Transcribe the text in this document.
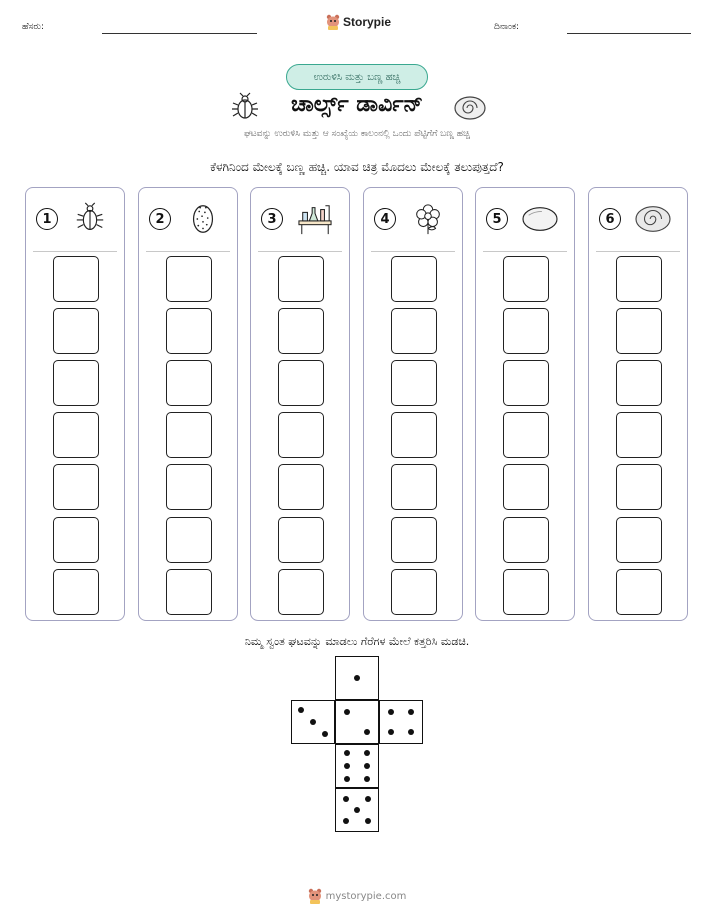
ಹೆಸರು:	Storypie	ದಿನಾಂಕ:
ಉರುಳಿಸಿ ಮತ್ತು ಬಣ್ಣ ಹಚ್ಚಿ
ಚಾರ್ಲ್ಸ್ ಡಾರ್ವಿನ್
ಘಟವನ್ನು ಉರುಳಿಸಿ ಮತ್ತು ಆ ಸಂಖ್ಯೆಯ ಕಾಲಂನಲ್ಲಿ ಒಂದು ಪೆಟ್ಟಿಗೆಗೆ ಬಣ್ಣ ಹಚ್ಚಿ
ಕೆಳಗಿನಿಂದ ಮೇಲಕ್ಕೆ ಬಣ್ಣ ಹಚ್ಚಿ. ಯಾವ ಚಿತ್ರ ಮೊದಲು ಮೇಲಕ್ಕೆ ತಲುಪುತ್ತದೆ?
1	2	3	4	5	6
ನಿಮ್ಮ ಸ್ವಂತ ಘಟವನ್ನು ಮಾಡಲು ಗೆರೆಗಳ ಮೇಲೆ ಕತ್ತರಿಸಿ ಮಡಚಿ.
mystorypie.com
